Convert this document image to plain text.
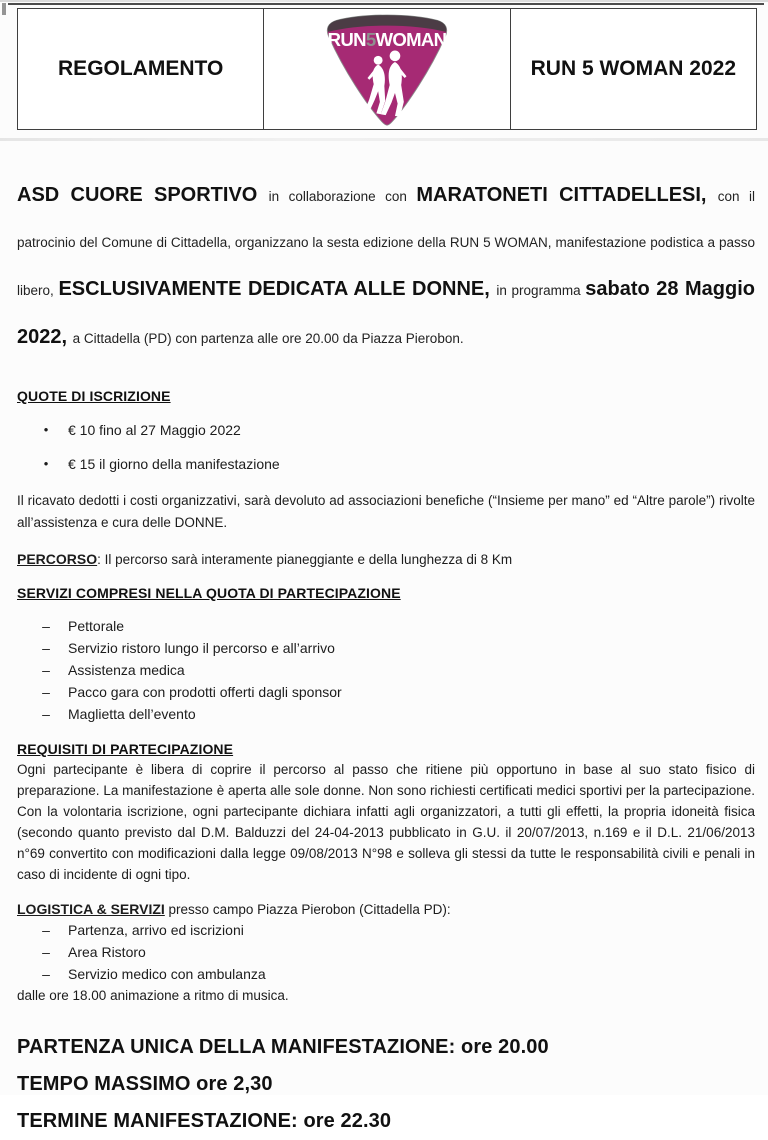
REGOLAMENTO
RUN5WOMAN
RUN 5 WOMAN 2022

ASD CUORE SPORTIVO in collaborazione con MARATONETI CITTADELLESI, con il patrocinio del Comune di Cittadella, organizzano la sesta edizione della RUN 5 WOMAN, manifestazione podistica a passo libero, ESCLUSIVAMENTE DEDICATA ALLE DONNE, in programma sabato 28 Maggio 2022, a Cittadella (PD) con partenza alle ore 20.00 da Piazza Pierobon.

QUOTE DI ISCRIZIONE
•	€ 10 fino al 27 Maggio 2022
•	€ 15 il giorno della manifestazione

Il ricavato dedotti i costi organizzativi, sarà devoluto ad associazioni benefiche (“Insieme per mano” ed “Altre parole”) rivolte all’assistenza e cura delle DONNE.

PERCORSO: Il percorso sarà interamente pianeggiante e della lunghezza di 8 Km

SERVIZI COMPRESI NELLA QUOTA DI PARTECIPAZIONE
–	Pettorale
–	Servizio ristoro lungo il percorso e all’arrivo
–	Assistenza medica
–	Pacco gara con prodotti offerti dagli sponsor
–	Maglietta dell’evento
REQUISITI DI PARTECIPAZIONE

Ogni partecipante è libera di coprire il percorso al passo che ritiene più opportuno in base al suo stato fisico di preparazione. La manifestazione è aperta alle sole donne. Non sono richiesti certificati medici sportivi per la partecipazione. Con la volontaria iscrizione, ogni partecipante dichiara infatti agli organizzatori, a tutti gli effetti, la propria idoneità fisica (secondo quanto previsto dal D.M. Balduzzi del 24-04-2013 pubblicato in G.U. il 20/07/2013, n.169 e il D.L. 21/06/2013 n°69 convertito con modificazioni dalla legge 09/08/2013 N°98 e solleva gli stessi da tutte le responsabilità civili e penali in caso di incidente di ogni tipo.

LOGISTICA & SERVIZI presso campo Piazza Pierobon (Cittadella PD):

–	Partenza, arrivo ed iscrizioni
–	Area Ristoro
–	Servizio medico con ambulanza

dalle ore 18.00 animazione a ritmo di musica.

PARTENZA UNICA DELLA MANIFESTAZIONE: ore 20.00
TEMPO MASSIMO ore 2,30
TERMINE MANIFESTAZIONE: ore 22.30
